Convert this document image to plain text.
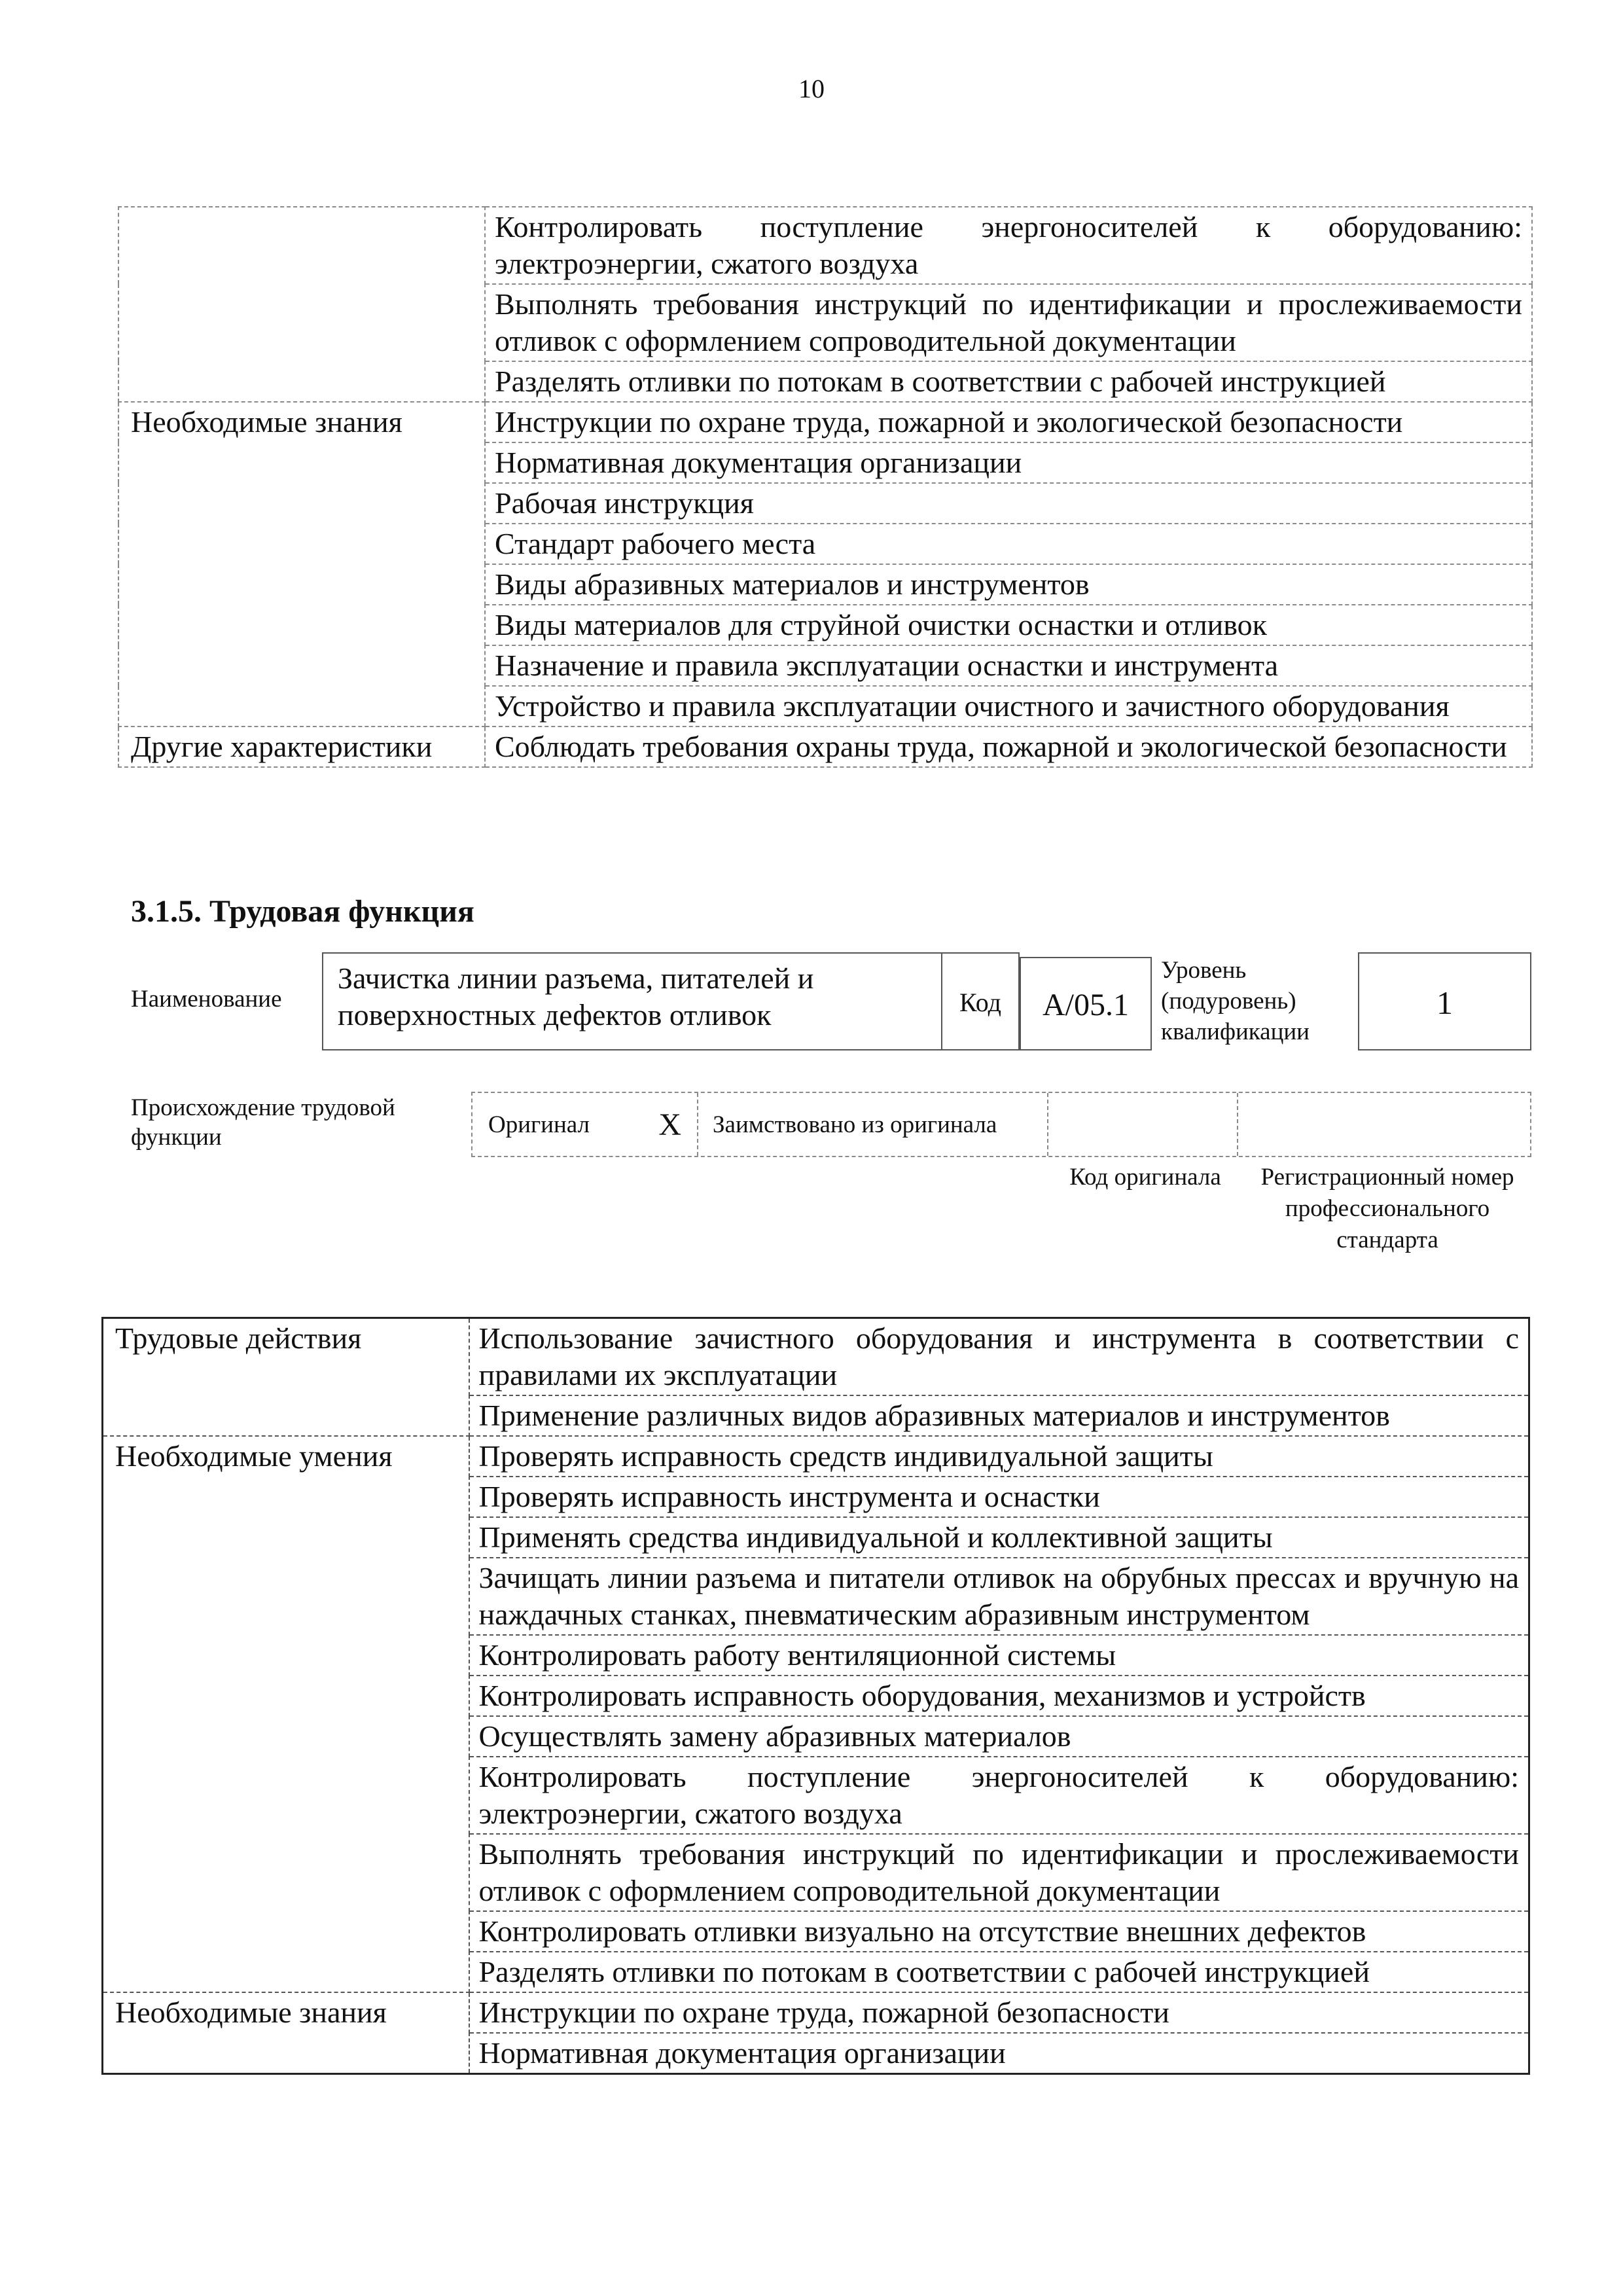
10
	Контролировать поступление энергоносителей к оборудованию: электроэнергии, сжатого воздуха
	Выполнять требования инструкций по идентификации и прослеживаемости отливок с оформлением сопроводительной документации
	Разделять отливки по потокам в соответствии с рабочей инструкцией
Необходимые знания	Инструкции по охране труда, пожарной и экологической безопасности
	Нормативная документация организации
	Рабочая инструкция
	Стандарт рабочего места
	Виды абразивных материалов и инструментов
	Виды материалов для струйной очистки оснастки и отливок
	Назначение и правила эксплуатации оснастки и инструмента
	Устройство и правила эксплуатации очистного и зачистного оборудования
Другие характеристики	Соблюдать требования охраны труда, пожарной и экологической безопасности
3.1.5. Трудовая функция
Наименование
Зачистка линии разъема, питателей и поверхностных дефектов отливок	Код	A/05.1
Уровень (подуровень) квалификации
1
Происхождение трудовой функции	Оригинал X	Заимствовано из оригинала
Код оригинала	Регистрационный номер профессионального стандарта
Трудовые действия	Использование зачистного оборудования и инструмента в соответствии с правилами их эксплуатации
	Применение различных видов абразивных материалов и инструментов
Необходимые умения	Проверять исправность средств индивидуальной защиты
	Проверять исправность инструмента и оснастки
	Применять средства индивидуальной и коллективной защиты
	Зачищать линии разъема и питатели отливок на обрубных прессах и вручную на наждачных станках, пневматическим абразивным инструментом
	Контролировать работу вентиляционной системы
	Контролировать исправность оборудования, механизмов и устройств
	Осуществлять замену абразивных материалов
	Контролировать поступление энергоносителей к оборудованию: электроэнергии, сжатого воздуха
	Выполнять требования инструкций по идентификации и прослеживаемости отливок с оформлением сопроводительной документации
	Контролировать отливки визуально на отсутствие внешних дефектов
	Разделять отливки по потокам в соответствии с рабочей инструкцией
Необходимые знания	Инструкции по охране труда, пожарной безопасности
	Нормативная документация организации
